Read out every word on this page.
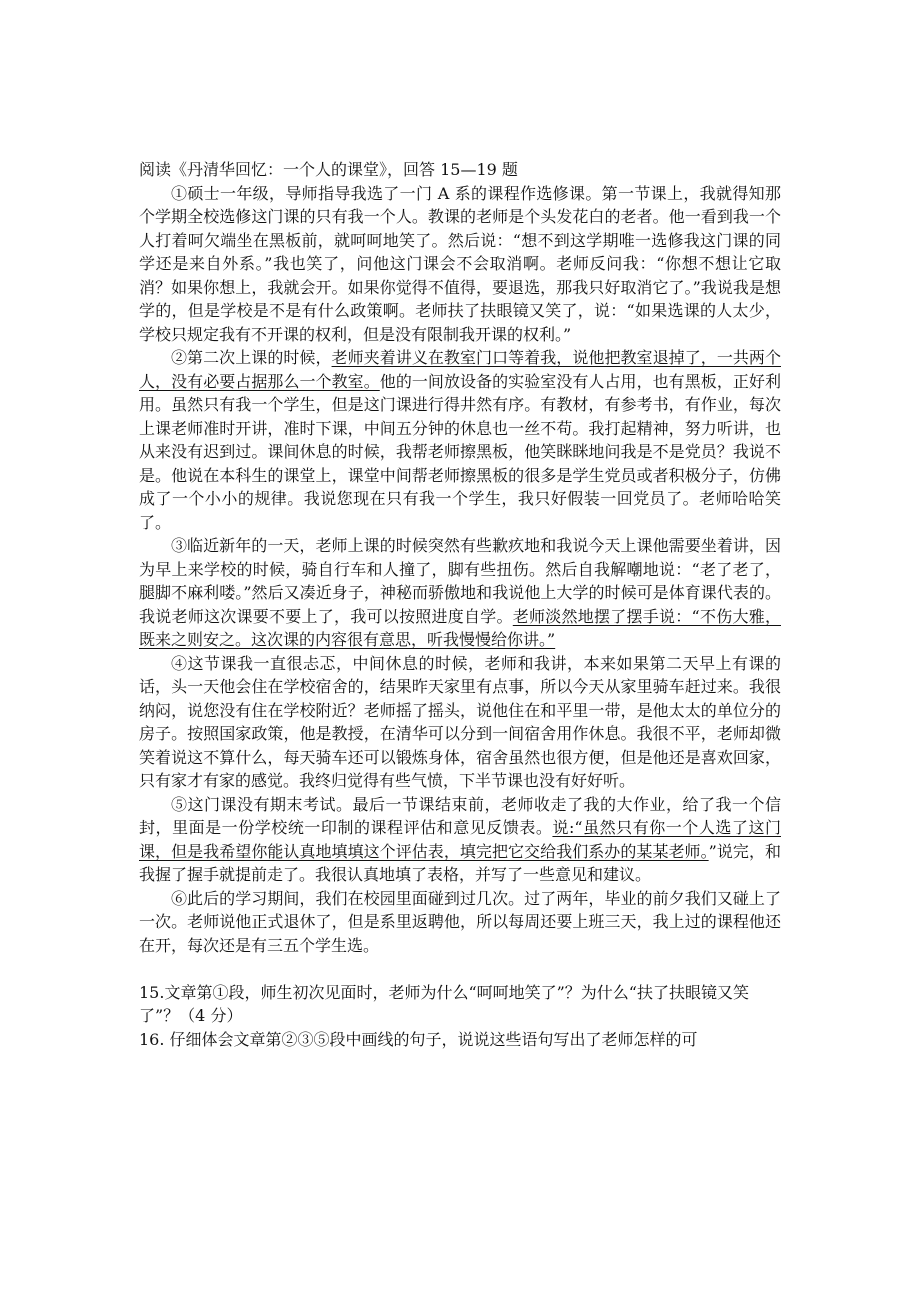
阅读《丹清华回忆：一个人的课堂》，回答 15—19 题

①硕士一年级，导师指导我选了一门 A 系的课程作选修课。第一节课上，我就得知那个学期全校选修这门课的只有我一个人。教课的老师是个头发花白的老者。他一看到我一个人打着呵欠端坐在黑板前，就呵呵地笑了。然后说：“想不到这学期唯一选修我这门课的同学还是来自外系。”我也笑了，问他这门课会不会取消啊。老师反问我：“你想不想让它取消？如果你想上，我就会开。如果你觉得不值得，要退选，那我只好取消它了。”我说我是想学的，但是学校是不是有什么政策啊。老师扶了扶眼镜又笑了，说：“如果选课的人太少，学校只规定我有不开课的权利，但是没有限制我开课的权利。”

②第二次上课的时候，老师夹着讲义在教室门口等着我，说他把教室退掉了，一共两个人，没有必要占据那么一个教室。他的一间放设备的实验室没有人占用，也有黑板，正好利用。虽然只有我一个学生，但是这门课进行得井然有序。有教材，有参考书，有作业，每次上课老师准时开讲，准时下课，中间五分钟的休息也一丝不苟。我打起精神，努力听讲，也从来没有迟到过。课间休息的时候，我帮老师擦黑板，他笑眯眯地问我是不是党员？我说不是。他说在本科生的课堂上，课堂中间帮老师擦黑板的很多是学生党员或者积极分子，仿佛成了一个小小的规律。我说您现在只有我一个学生，我只好假装一回党员了。老师哈哈笑了。

③临近新年的一天，老师上课的时候突然有些歉疚地和我说今天上课他需要坐着讲，因为早上来学校的时候，骑自行车和人撞了，脚有些扭伤。然后自我解嘲地说：“老了老了，腿脚不麻利喽。”然后又凑近身子，神秘而骄傲地和我说他上大学的时候可是体育课代表的。我说老师这次课要不要上了，我可以按照进度自学。老师淡然地摆了摆手说：“不伤大雅，既来之则安之。这次课的内容很有意思，听我慢慢给你讲。”

④这节课我一直很忐忑，中间休息的时候，老师和我讲，本来如果第二天早上有课的话，头一天他会住在学校宿舍的，结果昨天家里有点事，所以今天从家里骑车赶过来。我很纳闷，说您没有住在学校附近？老师摇了摇头，说他住在和平里一带，是他太太的单位分的房子。按照国家政策，他是教授，在清华可以分到一间宿舍用作休息。我很不平，老师却微笑着说这不算什么，每天骑车还可以锻炼身体，宿舍虽然也很方便，但是他还是喜欢回家，只有家才有家的感觉。我终归觉得有些气愤，下半节课也没有好好听。

⑤这门课没有期末考试。最后一节课结束前，老师收走了我的大作业，给了我一个信封，里面是一份学校统一印制的课程评估和意见反馈表。说:“虽然只有你一个人选了这门课，但是我希望你能认真地填填这个评估表，填完把它交给我们系办的某某老师。”说完，和我握了握手就提前走了。我很认真地填了表格，并写了一些意见和建议。

⑥此后的学习期间，我们在校园里面碰到过几次。过了两年，毕业的前夕我们又碰上了一次。老师说他正式退休了，但是系里返聘他，所以每周还要上班三天，我上过的课程他还在开，每次还是有三五个学生选。

15.文章第①段，师生初次见面时，老师为什么“呵呵地笑了”？为什么“扶了扶眼镜又笑了”？（4 分）

16. 仔细体会文章第②③⑤段中画线的句子，说说这些语句写出了老师怎样的可
